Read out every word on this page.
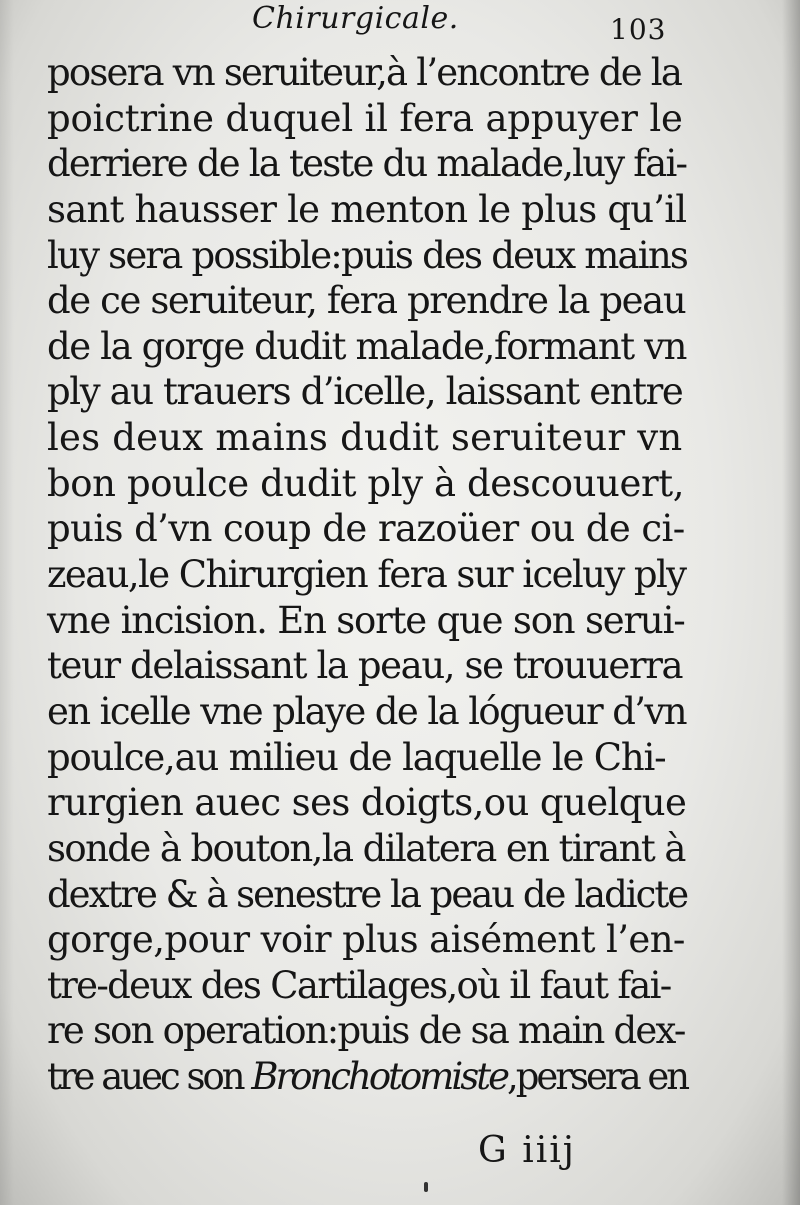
Chirurgicale.	103
posera vn seruiteur,à l’encontre de la
poictrine duquel il fera appuyer le
derriere de la teste du malade,luy fai-
sant hausser le menton le plus qu’il
luy sera possible:puis des deux mains
de ce seruiteur, fera prendre la peau
de la gorge dudit malade,formant vn
ply au trauers d’icelle, laissant entre
les deux mains dudit seruiteur vn
bon poulce dudit ply à descouuert,
puis d’vn coup de razoüer ou de ci-
zeau,le Chirurgien fera sur iceluy ply
vne incision. En sorte que son serui-
teur delaissant la peau, se trouuerra
en icelle vne playe de la lógueur d’vn
poulce,au milieu de laquelle le Chi-
rurgien auec ses doigts,ou quelque
sonde à bouton,la dilatera en tirant à
dextre & à senestre la peau de ladicte
gorge,pour voir plus aisément l’en-
tre-deux des Cartilages,où il faut fai-
re son operation:puis de sa main dex-
tre auec son Bronchotomiste,persera en
G iiij
